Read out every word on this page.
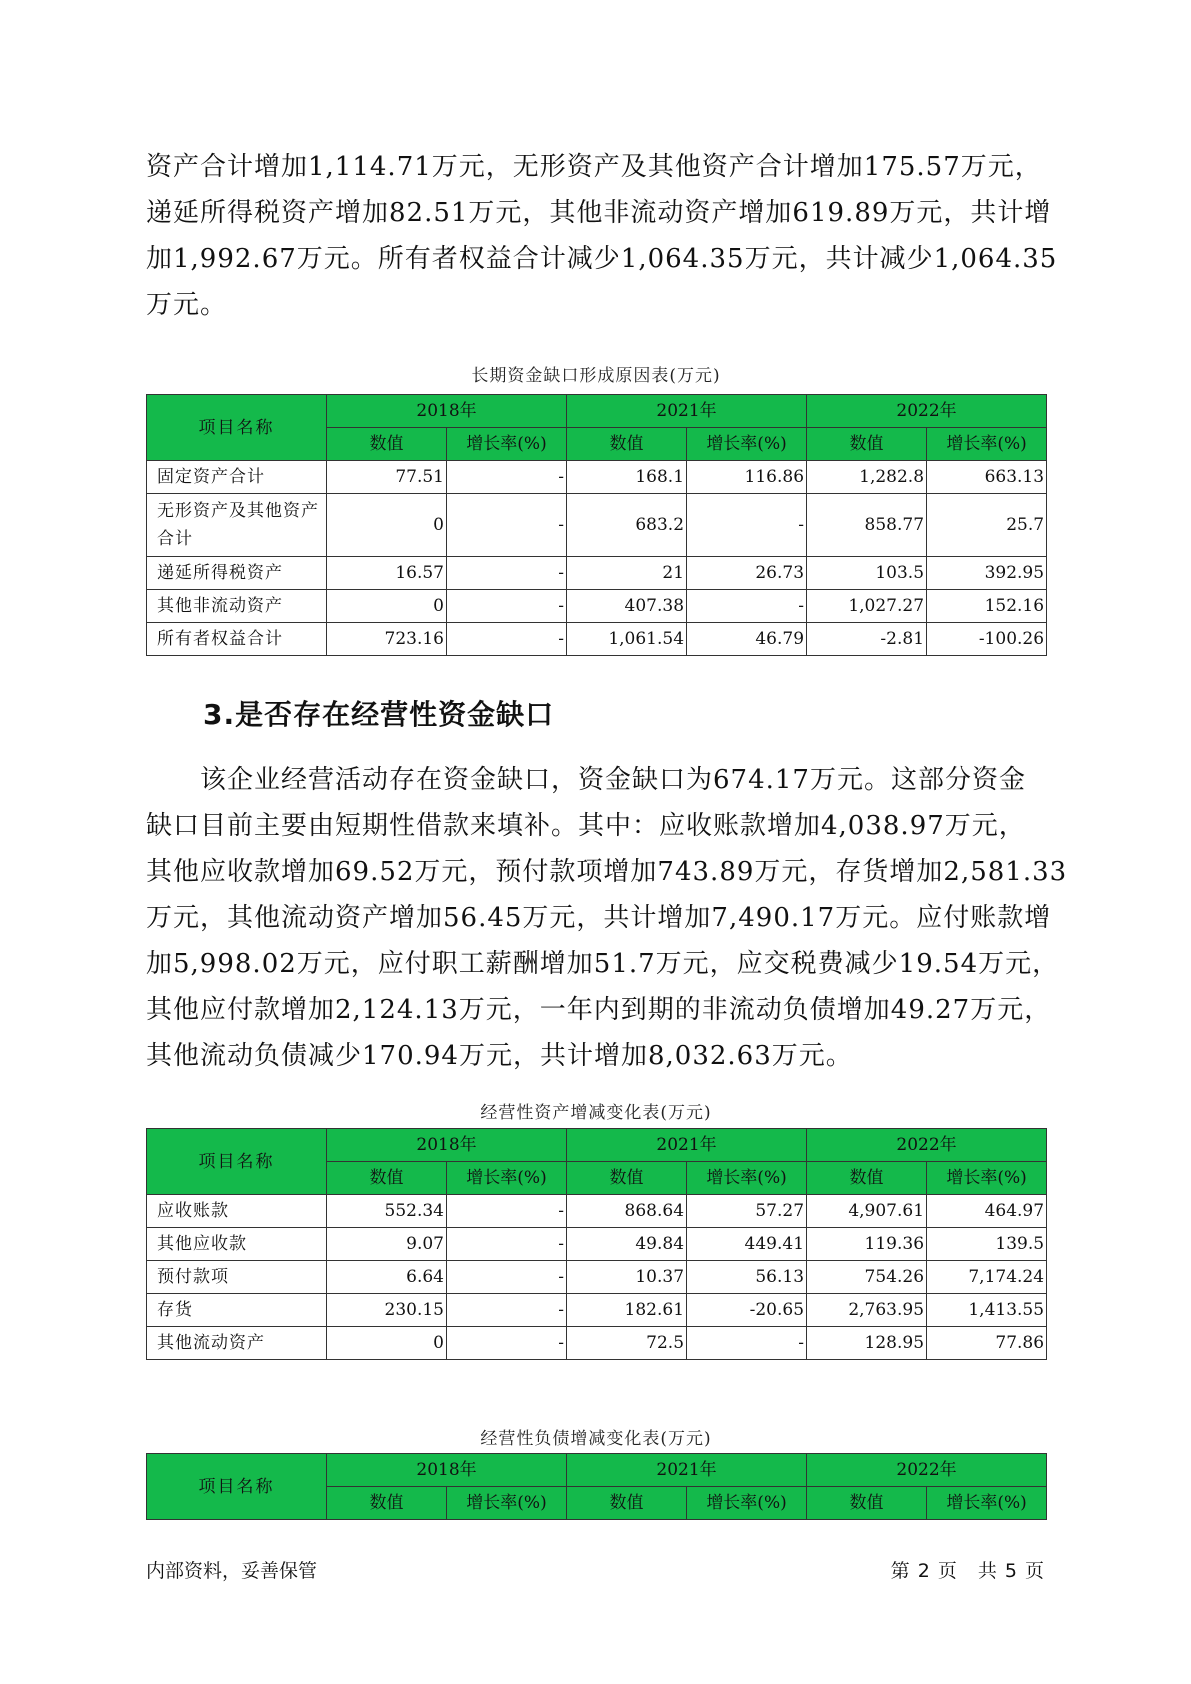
资产合计增加1,114.71万元，无形资产及其他资产合计增加175.57万元，
递延所得税资产增加82.51万元，其他非流动资产增加619.89万元，共计增
加1,992.67万元。所有者权益合计减少1,064.35万元，共计减少1,064.35
万元。
长期资金缺口形成原因表(万元)
项目名称	2018年		2021年		2022年	
	数值	增长率(%)	数值	增长率(%)	数值	增长率(%)
固定资产合计	77.51	-	168.1	116.86	1,282.8	663.13
无形资产及其他资产合计	0	-	683.2	-	858.77	25.7
递延所得税资产	16.57	-	21	26.73	103.5	392.95
其他非流动资产	0	-	407.38	-	1,027.27	152.16
所有者权益合计	723.16	-	1,061.54	46.79	-2.81	-100.26
3.是否存在经营性资金缺口
　　该企业经营活动存在资金缺口，资金缺口为674.17万元。这部分资金
缺口目前主要由短期性借款来填补。其中：应收账款增加4,038.97万元，
其他应收款增加69.52万元，预付款项增加743.89万元，存货增加2,581.33
万元，其他流动资产增加56.45万元，共计增加7,490.17万元。应付账款增
加5,998.02万元，应付职工薪酬增加51.7万元，应交税费减少19.54万元，
其他应付款增加2,124.13万元，一年内到期的非流动负债增加49.27万元，
其他流动负债减少170.94万元，共计增加8,032.63万元。
经营性资产增减变化表(万元)
项目名称	2018年		2021年		2022年	
	数值	增长率(%)	数值	增长率(%)	数值	增长率(%)
应收账款	552.34	-	868.64	57.27	4,907.61	464.97
其他应收款	9.07	-	49.84	449.41	119.36	139.5
预付款项	6.64	-	10.37	56.13	754.26	7,174.24
存货	230.15	-	182.61	-20.65	2,763.95	1,413.55
其他流动资产	0	-	72.5	-	128.95	77.86
经营性负债增减变化表(万元)
项目名称	2018年		2021年		2022年	
	数值	增长率(%)	数值	增长率(%)	数值	增长率(%)
内部资料，妥善保管	第 2 页　共 5 页
